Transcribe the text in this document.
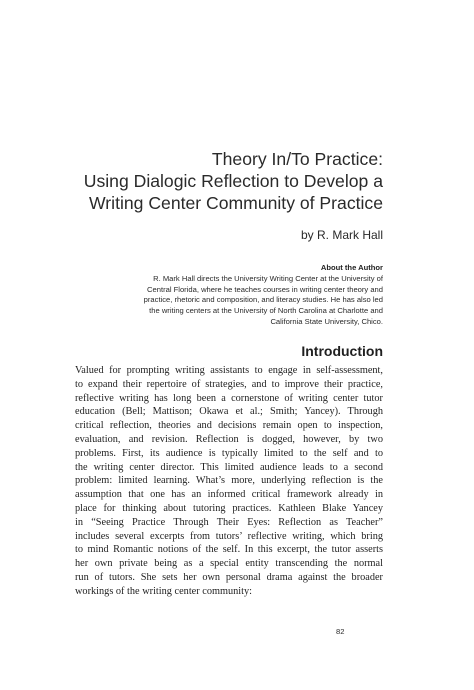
Theory In/To Practice:
Using Dialogic Reflection to Develop a
Writing Center Community of Practice
by R. Mark Hall
About the Author
R. Mark Hall directs the University Writing Center at the University of
Central Florida, where he teaches courses in writing center theory and
practice, rhetoric and composition, and literacy studies. He has also led
the writing centers at the University of North Carolina at Charlotte and
California State University, Chico.
Introduction
Valued for prompting writing assistants to engage in self-assessment,
to expand their repertoire of strategies, and to improve their practice,
reflective writing has long been a cornerstone of writing center tutor
education (Bell; Mattison; Okawa et al.; Smith; Yancey). Through
critical reflection, theories and decisions remain open to inspection,
evaluation, and revision. Reflection is dogged, however, by two
problems. First, its audience is typically limited to the self and to
the writing center director. This limited audience leads to a second
problem: limited learning. What’s more, underlying reflection is the
assumption that one has an informed critical framework already in
place for thinking about tutoring practices. Kathleen Blake Yancey
in “Seeing Practice Through Their Eyes: Reflection as Teacher”
includes several excerpts from tutors’ reflective writing, which bring
to mind Romantic notions of the self. In this excerpt, the tutor asserts
her own private being as a special entity transcending the normal
run of tutors. She sets her own personal drama against the broader
workings of the writing center community:
82
